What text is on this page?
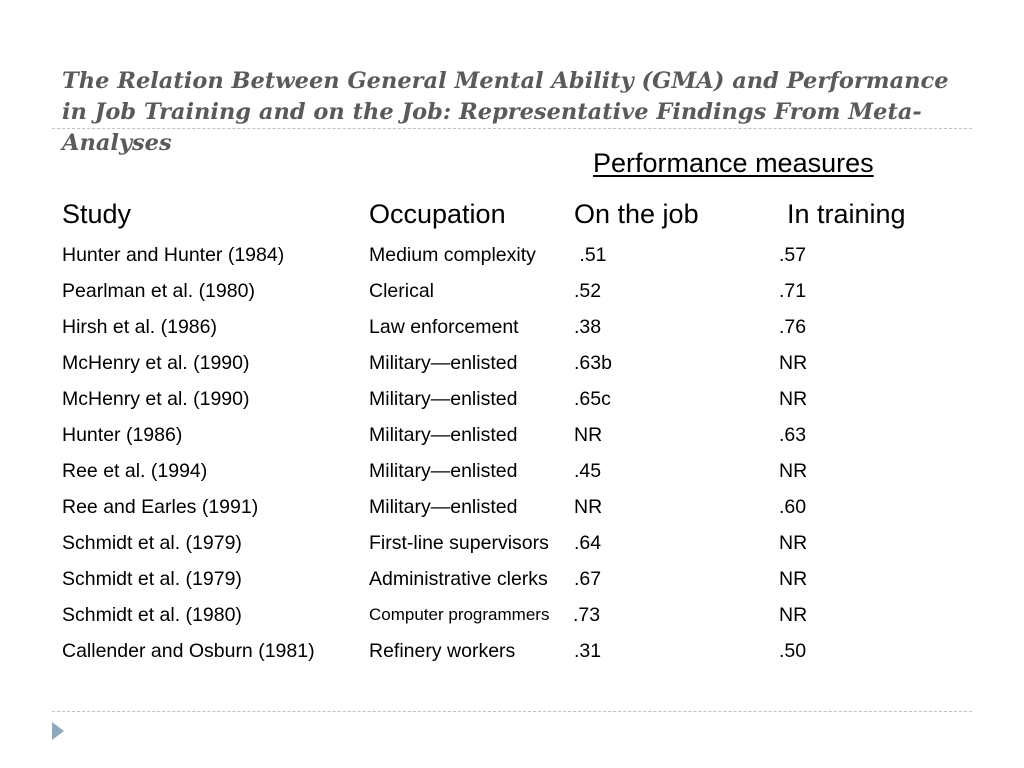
The Relation Between General Mental Ability (GMA) and Performance in Job Training and on the Job: Representative Findings From Meta-Analyses
Performance measures
Study	Occupation	On the job	In training
Hunter and Hunter (1984)	Medium complexity .51	.57
Pearlman et al. (1980)	Clerical	.52	.71
Hirsh et al. (1986)	Law enforcement	.38	.76
McHenry et al. (1990)	Military—enlisted	.63b	NR
McHenry et al. (1990)	Military—enlisted	.65c	NR
Hunter (1986)	Military—enlisted	NR	.63
Ree et al. (1994)	Military—enlisted	.45	NR
Ree and Earles (1991)	Military—enlisted	NR	.60
Schmidt et al. (1979)	First-line supervisors .64	NR
Schmidt et al. (1979)	Administrative clerks .67	NR
Schmidt et al. (1980)	Computer programmers .73	NR
Callender and Osburn (1981)	Refinery workers	.31	.50
